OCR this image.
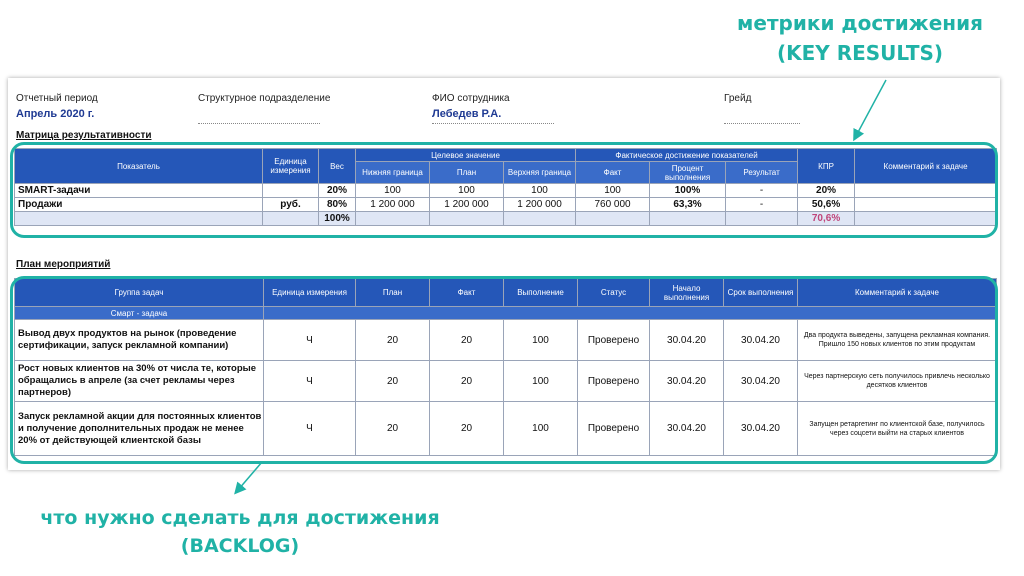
метрики достижения
(KEY RESULTS)
что нужно сделать для достижения
(BACKLOG)
Отчетный период
Апрель 2020 г.
Структурное подразделение	ФИО сотрудника
Лебедев Р.А.
Грейд
Матрица результативности
Показатель	Единица измерения	Вес	Целевое значение			Фактическое достижение показателей			КПР	Комментарий к задаче
			Нижняя граница	План	Верхняя граница	Факт	Процент выполнения	Результат		
SMART-задачи		20%	100	100	100	100	100%	-	20%	
Продажи	руб.	80%	1 200 000	1 200 000	1 200 000	760 000	63,3%	-	50,6%	
		100%							70,6%	
План мероприятий
Группа задач	Единица измерения	План	Факт	Выполнение	Статус	Начало выполнения	Срок выполнения	Комментарий к задаче
Смарт - задача								
Вывод двух продуктов на рынок (проведение сертификации, запуск рекламной компании)	Ч	20	20	100	Проверено	30.04.20	30.04.20	Два продукта выведены, запущена рекламная компания. Пришло 150 новых клиентов по этим продуктам
Рост новых клиентов на 30% от числа те, которые обращались в апреле (за счет рекламы через партнеров)	Ч	20	20	100	Проверено	30.04.20	30.04.20	Через партнерскую сеть получилось привлечь несколько десятков клиентов
Запуск рекламной акции для постоянных клиентов и получение дополнительных продаж не менее 20% от действующей клиентской базы	Ч	20	20	100	Проверено	30.04.20	30.04.20	Запущен ретаргетинг по клиентской базе, получилось через соцсети выйти на старых клиентов
